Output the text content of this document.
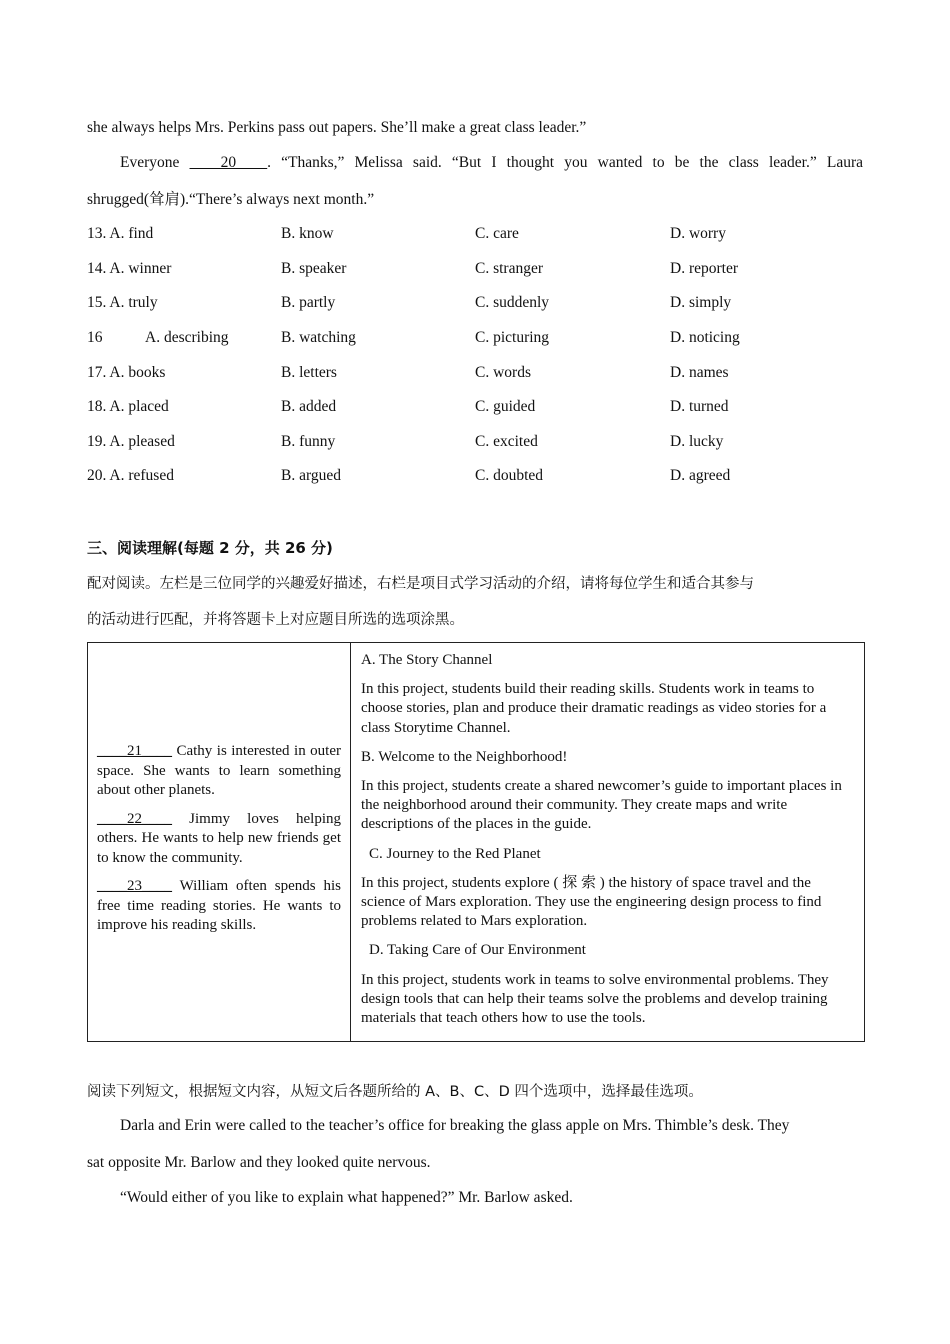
she always helps Mrs. Perkins pass out papers. She’ll make a great class leader.”
Everyone ____20____. “Thanks,” Melissa said. “But I thought you wanted to be the class leader.” Laura
shrugged(耸肩).“There’s always next month.”
13. A. find	B. know	C. care	D. worry
14. A. winner	B. speaker	C. stranger	D. reporter
15. A. truly	B. partly	C. suddenly	D. simply
16	A. describing	B. watching	C. picturing	D. noticing
17. A. books	B. letters	C. words	D. names
18. A. placed	B. added	C. guided	D. turned
19. A. pleased	B. funny	C. excited	D. lucky
20. A. refused	B. argued	C. doubted	D. agreed
三、阅读理解(每题 2 分，共 26 分)
配对阅读。左栏是三位同学的兴趣爱好描述，右栏是项目式学习活动的介绍，请将每位学生和适合其参与
的活动进行匹配，并将答题卡上对应题目所选的选项涂黑。

____21____ Cathy is interested in outer space. She wants to learn something about other planets.

____22____ Jimmy loves helping others. He wants to help new friends get to know the community.

____23____ William often spends his free time reading stories. He wants to improve his reading skills.

A. The Story Channel
In this project, students build their reading skills. Students work in teams to choose stories, plan and produce their dramatic readings as video stories for a class Storytime Channel.
B. Welcome to the Neighborhood!
In this project, students create a shared newcomer’s guide to important places in the neighborhood around their community. They create maps and write descriptions of the places in the guide.
C. Journey to the Red Planet
In this project, students explore ( 探 索 ) the history of space travel and the science of Mars exploration. They use the engineering design process to find problems related to Mars exploration.
D. Taking Care of Our Environment
In this project, students work in teams to solve environmental problems. They design tools that can help their teams solve the problems and develop training materials that teach others how to use the tools.
阅读下列短文，根据短文内容，从短文后各题所给的 A、B、C、D 四个选项中，选择最佳选项。
Darla and Erin were called to the teacher’s office for breaking the glass apple on Mrs. Thimble’s desk. They
sat opposite Mr. Barlow and they looked quite nervous.
“Would either of you like to explain what happened?” Mr. Barlow asked.
